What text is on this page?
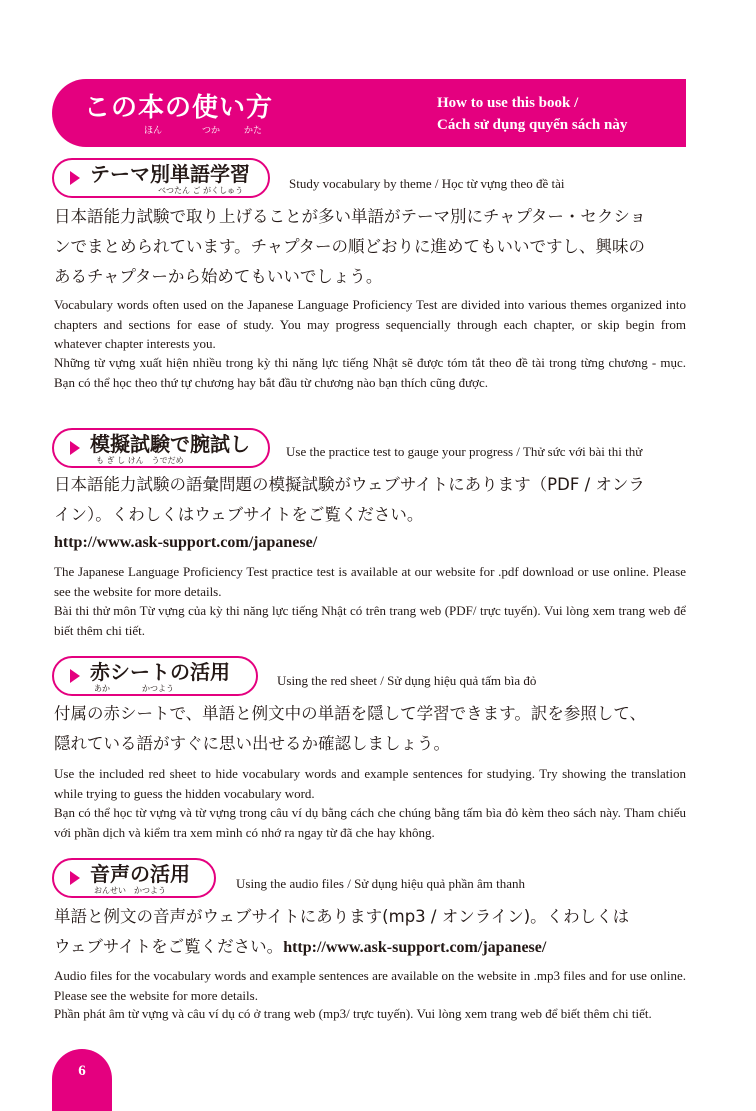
この本の使い方
ほん	つか	かた
How to use this book /
Cách sử dụng quyển sách này
テーマ別単語学習
べつたん ご がくしゅう	Study vocabulary by theme / Học từ vựng theo đề tài
日本語能力試験で取り上げることが多い単語がテーマ別にチャプター・セクショ
ンでまとめられています。チャプターの順どおりに進めてもいいですし、興味の
あるチャプターから始めてもいいでしょう。
Vocabulary words often used on the Japanese Language Proficiency Test are divided into various themes organized into chapters and sections for ease of study. You may progress sequencially through each chapter, or skip begin from whatever chapter interests you.
Những từ vựng xuất hiện nhiều trong kỳ thi năng lực tiếng Nhật sẽ được tóm tắt theo đề tài trong từng chương - mục. Bạn có thể học theo thứ tự chương hay bắt đầu từ chương nào bạn thích cũng được.
模擬試験で腕試し
も ぎ し けん　うでだめ
Use the practice test to gauge your progress / Thử sức với bài thi thử
日本語能力試験の語彙問題の模擬試験がウェブサイトにあります（PDF / オンラ
イン）。くわしくはウェブサイトをご覧ください。
http://www.ask-support.com/japanese/
The Japanese Language Proficiency Test practice test is available at our website for .pdf download or use online. Please see the website for more details.
Bài thi thử môn Từ vựng của kỳ thi năng lực tiếng Nhật có trên trang web (PDF/ trực tuyến). Vui lòng xem trang web để biết thêm chi tiết.
赤シートの活用
あか　　　　かつよう
Using the red sheet / Sử dụng hiệu quả tấm bìa đỏ
付属の赤シートで、単語と例文中の単語を隠して学習できます。訳を参照して、
隠れている語がすぐに思い出せるか確認しましょう。
Use the included red sheet to hide vocabulary words and example sentences for studying. Try showing the translation while trying to guess the hidden vocabulary word.
Bạn có thể học từ vựng và từ vựng trong câu ví dụ bằng cách che chúng bằng tấm bìa đỏ kèm theo sách này. Tham chiếu với phần dịch và kiểm tra xem mình có nhớ ra ngay từ đã che hay không.
音声の活用
おんせい　かつよう	Using the audio files / Sử dụng hiệu quả phần âm thanh
単語と例文の音声がウェブサイトにあります(mp3 / オンライン)。くわしくは
ウェブサイトをご覧ください。http://www.ask-support.com/japanese/
Audio files for the vocabulary words and example sentences are available on the website in .mp3 files and for use online. Please see the website for more details.
Phần phát âm từ vựng và câu ví dụ có ở trang web (mp3/ trực tuyến). Vui lòng xem trang web để biết thêm chi tiết.
6
